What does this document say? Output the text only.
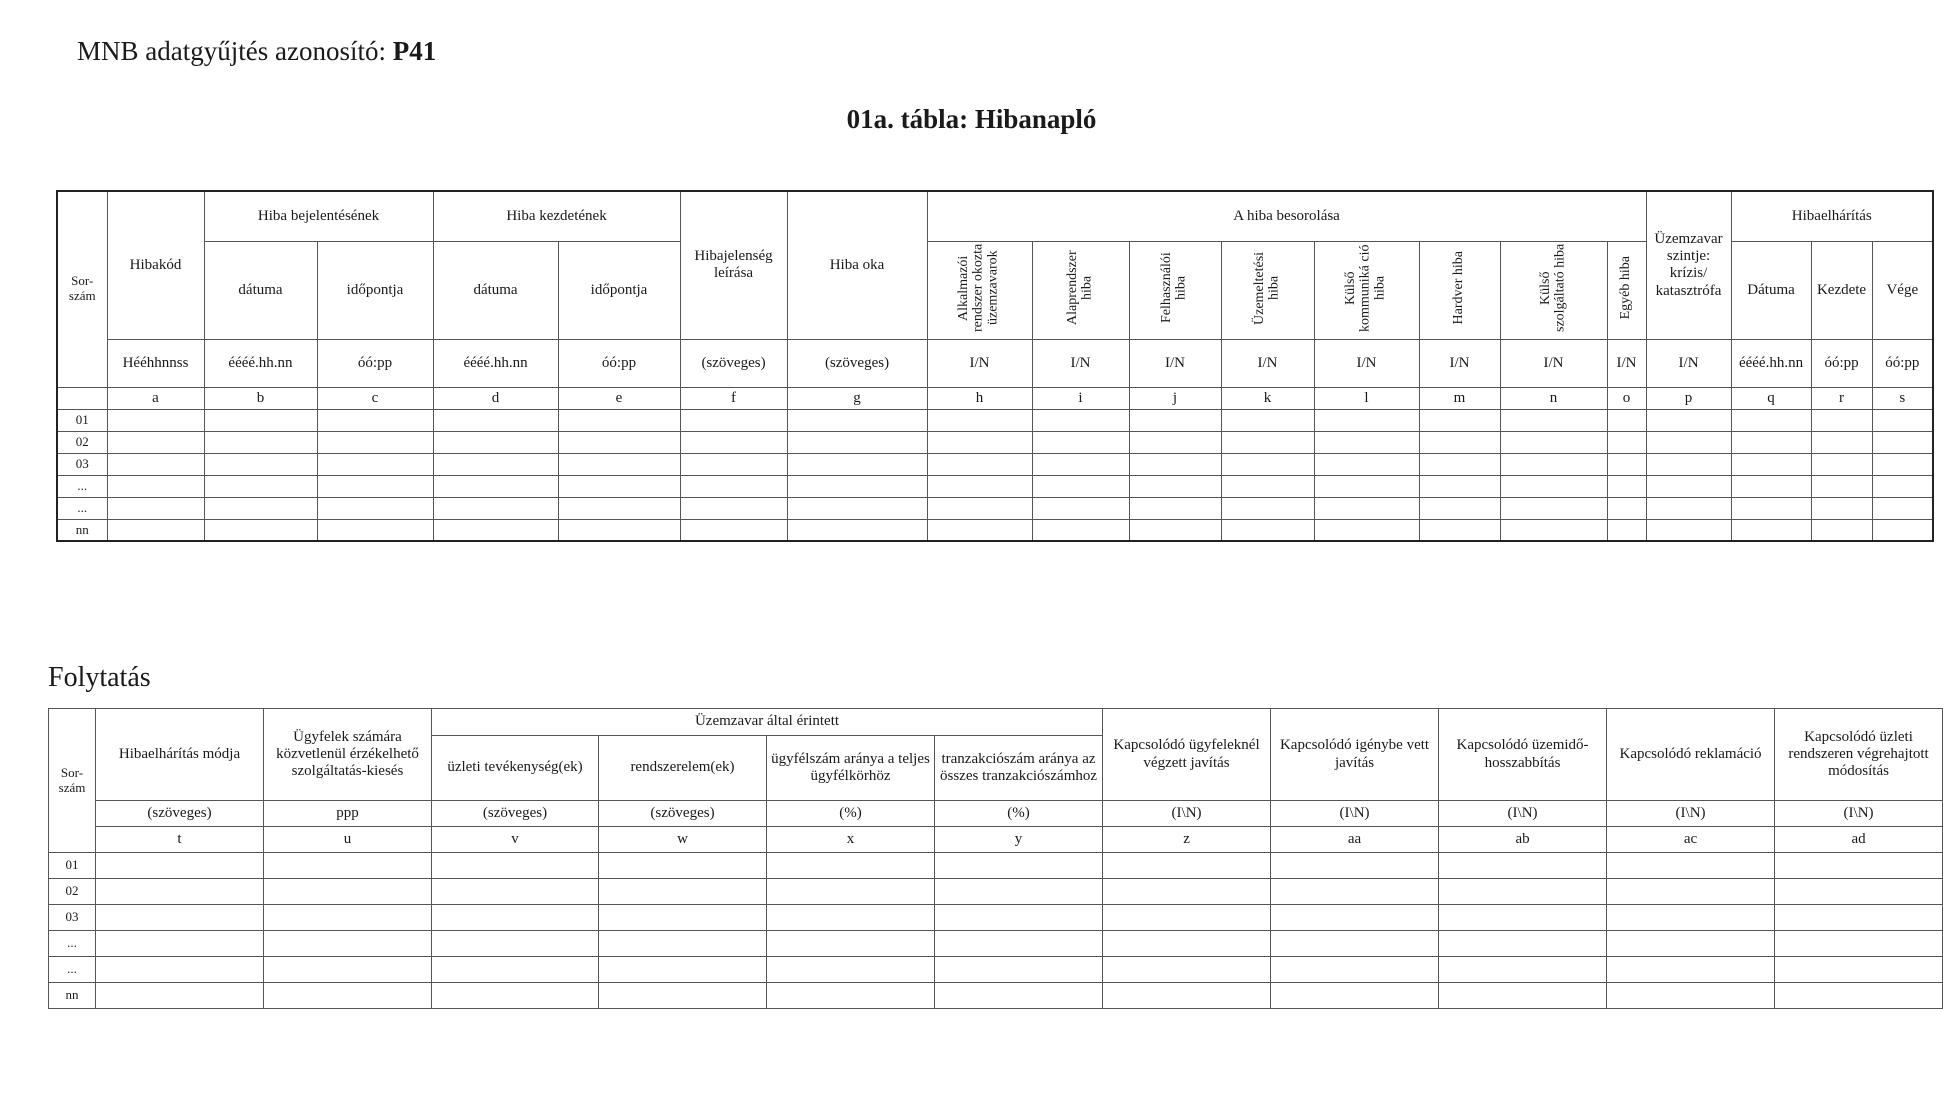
MNB adatgyűjtés azonosító: P41
01a. tábla: Hibanapló
Sor-
szám	Hibakód	Hiba bejelentésének		Hiba kezdetének		Hibajelenség leírása	Hiba oka	A hiba besorolása								Üzemzavar szintje: krízis/ katasztrófa	Hibaelhárítás		
		dátuma	időpontja	dátuma	időpontja			Alkalmazói rendszer okozta üzemzavarok	Alaprendszer hiba	Felhasználói hiba	Üzemeltetési hiba	Külső kommuniká ció hiba	Hardver hiba	Külső szolgáltató hiba	Egyéb hiba		Dátuma	Kezdete	Vége
	Hééhhnnss	éééé.hh.nn	óó:pp	éééé.hh.nn	óó:pp	(szöveges)	(szöveges)	I/N	I/N	I/N	I/N	I/N	I/N	I/N	I/N	I/N	éééé.hh.nn	óó:pp	óó:pp
	a	b	c	d	e	f	g	h	i	j	k	l	m	n	o	p	q	r	s
01																			
02																			
03																			
...																			
...																			
nn																			
Folytatás
Sor-
szám	Hibaelhárítás módja	Ügyfelek számára közvetlenül érzékelhető szolgáltatás-kiesés	Üzemzavar által érintett				Kapcsolódó ügyfeleknél végzett javítás	Kapcsolódó igénybe vett javítás	Kapcsolódó üzemidő-hosszabbítás	Kapcsolódó reklamáció	Kapcsolódó üzleti rendszeren végrehajtott módosítás
			üzleti tevékenység(ek)	rendszerelem(ek)	ügyfélszám aránya a teljes ügyfélkörhöz	tranzakciószám aránya az összes tranzakciószámhoz					
	(szöveges)	ppp	(szöveges)	(szöveges)	(%)	(%)	(I\N)	(I\N)	(I\N)	(I\N)	(I\N)
	t	u	v	w	x	y	z	aa	ab	ac	ad
01											
02											
03											
...											
...											
nn											
